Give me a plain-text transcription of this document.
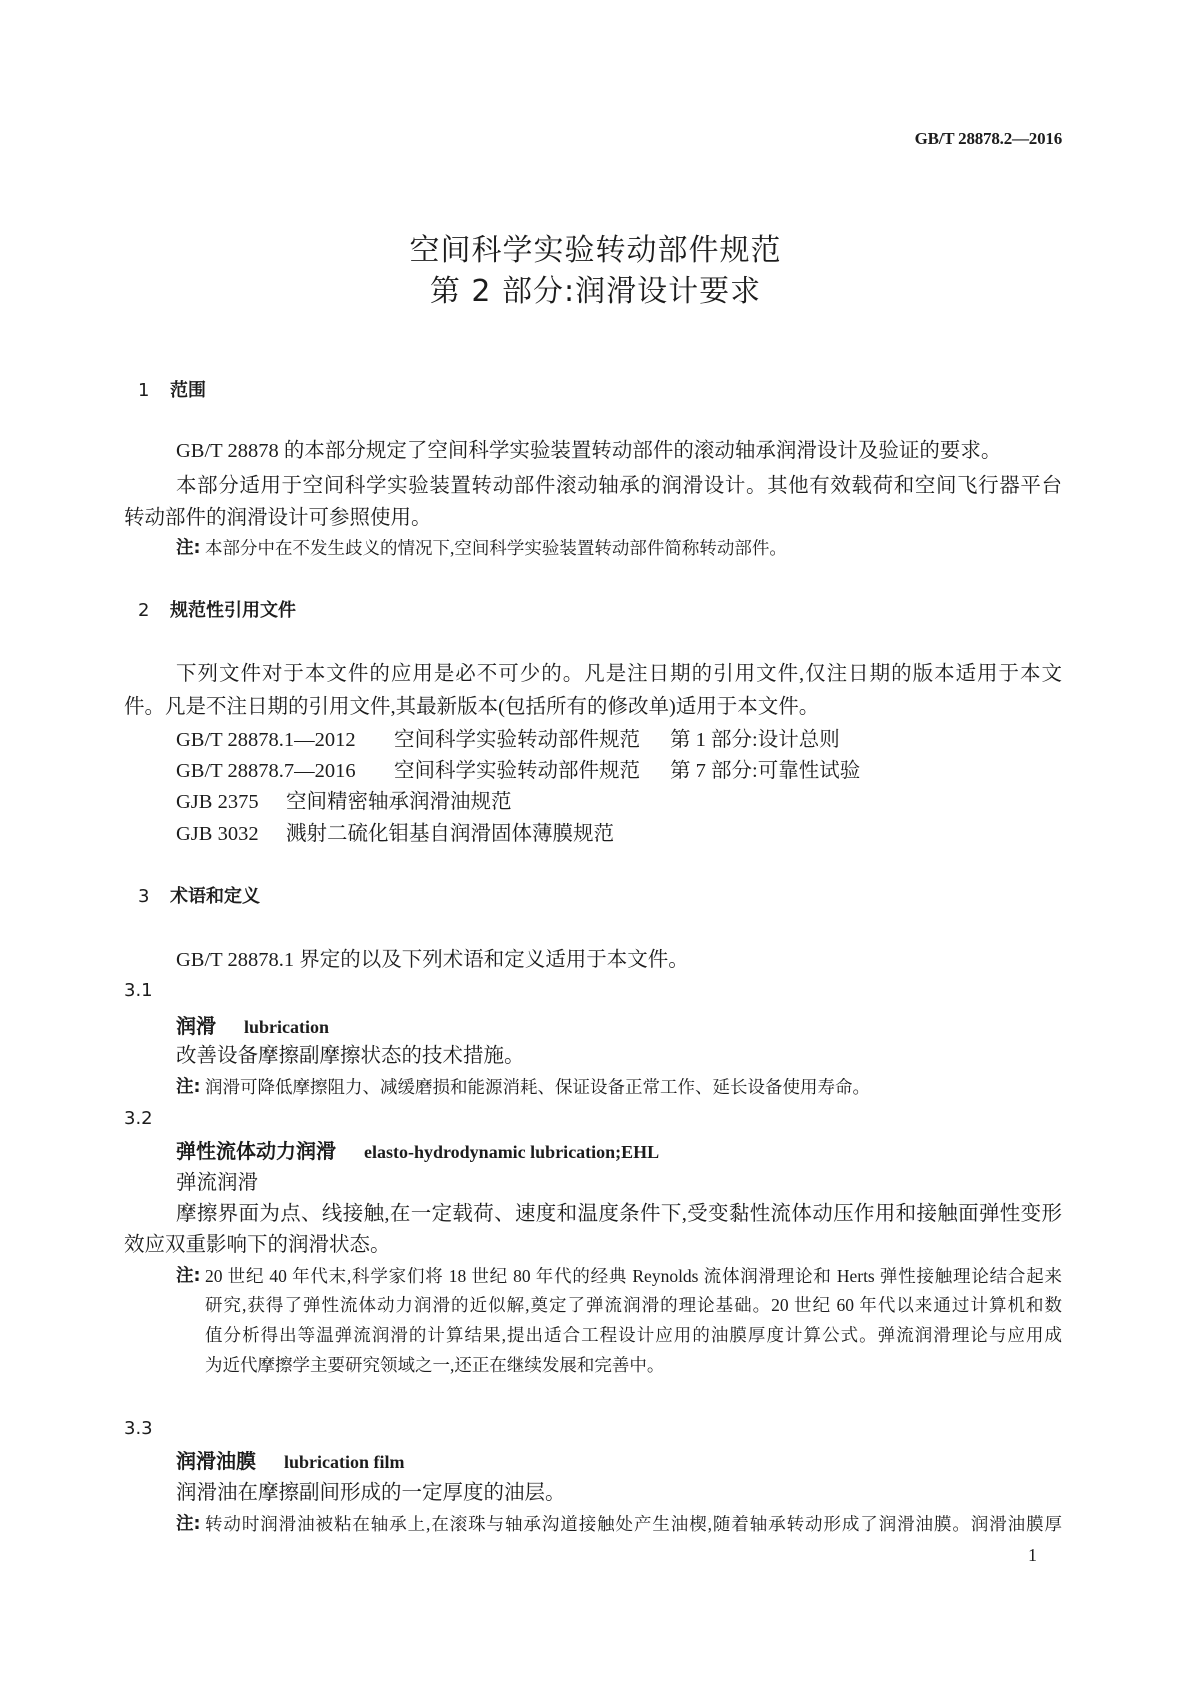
GB/T 28878.2—2016
空间科学实验转动部件规范
第 2 部分:润滑设计要求
1 范围
GB/T 28878 的本部分规定了空间科学实验装置转动部件的滚动轴承润滑设计及验证的要求。
本部分适用于空间科学实验装置转动部件滚动轴承的润滑设计。其他有效载荷和空间飞行器平台
转动部件的润滑设计可参照使用。
注: 本部分中在不发生歧义的情况下,空间科学实验装置转动部件简称转动部件。
2 规范性引用文件
下列文件对于本文件的应用是必不可少的。凡是注日期的引用文件,仅注日期的版本适用于本文
件。凡是不注日期的引用文件,其最新版本(包括所有的修改单)适用于本文件。
GB/T 28878.1—2012 空间科学实验转动部件规范 第 1 部分:设计总则
GB/T 28878.7—2016 空间科学实验转动部件规范 第 7 部分:可靠性试验
GJB 2375 空间精密轴承润滑油规范
GJB 3032 溅射二硫化钼基自润滑固体薄膜规范
3 术语和定义
GB/T 28878.1 界定的以及下列术语和定义适用于本文件。
3.1
润滑 lubrication
改善设备摩擦副摩擦状态的技术措施。
注: 润滑可降低摩擦阻力、减缓磨损和能源消耗、保证设备正常工作、延长设备使用寿命。
3.2
弹性流体动力润滑 elasto-hydrodynamic lubrication;EHL
弹流润滑
摩擦界面为点、线接触,在一定载荷、速度和温度条件下,受变黏性流体动压作用和接触面弹性变形
效应双重影响下的润滑状态。
注: 20 世纪 40 年代末,科学家们将 18 世纪 80 年代的经典 Reynolds 流体润滑理论和 Herts 弹性接触理论结合起来
研究,获得了弹性流体动力润滑的近似解,奠定了弹流润滑的理论基础。20 世纪 60 年代以来通过计算机和数
值分析得出等温弹流润滑的计算结果,提出适合工程设计应用的油膜厚度计算公式。弹流润滑理论与应用成
为近代摩擦学主要研究领域之一,还正在继续发展和完善中。
3.3
润滑油膜 lubrication film
润滑油在摩擦副间形成的一定厚度的油层。
注: 转动时润滑油被粘在轴承上,在滚珠与轴承沟道接触处产生油楔,随着轴承转动形成了润滑油膜。润滑油膜厚
1
